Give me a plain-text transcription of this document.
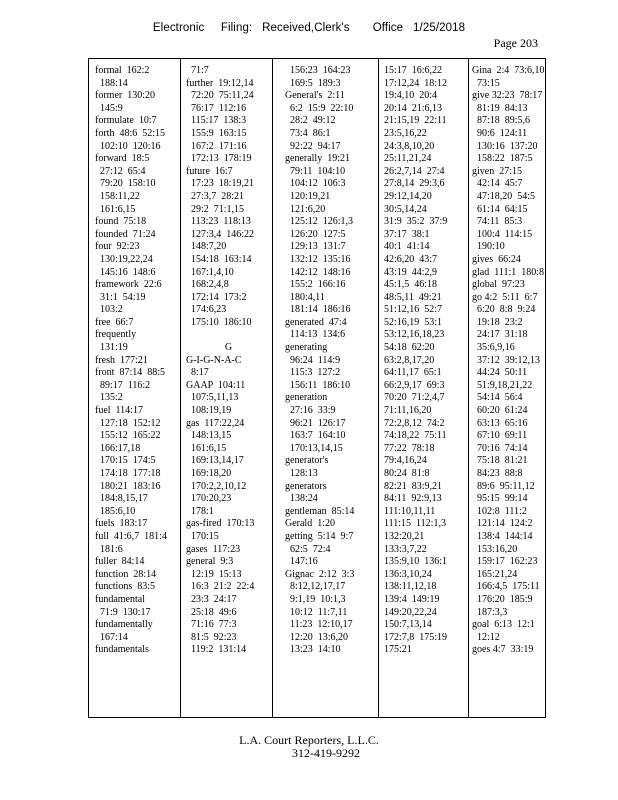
Electronic     Filing:   Received,Clerk's       Office   1/25/2018
Page 203
formal  162:2
188:14
former  130:20
145:9
formulate  10:7
forth  48:6  52:15
102:10  120:16
forward  18:5
27:12  65:4
79:20  158:10
158:11,22
161:6,15
found  75:18
founded  71:24
four  92:23
130:19,22,24
145:16  148:6
framework  22:6
31:1  54:19
103:2
free  66:7
frequently
131:19
fresh  177:21
front  87:14  88:5
89:17  116:2
135:2
fuel  114:17
127:18  152:12
155:12  165:22
166:17,18
170:15  174:5
174:18  177:18
180:21  183:16
184:8,15,17
185:6,10
fuels  183:17
full  41:6,7  181:4
181:6
fuller  84:14
function  28:14
functions  83:5
fundamental
71:9  130:17
fundamentally
167:14
fundamentals
71:7
further  19:12,14
72:20  75:11,24
76:17  112:16
115:17  138:3
155:9  163:15
167:2  171:16
172:13  178:19
future  16:7
17:23  18:19,21
27:3,7  28:21
29:2  71:1,15
113:23  118:13
127:3,4  146:22
148:7,20
154:18  163:14
167:1,4,10
168:2,4,8
172:14  173:2
174:6,23
175:10  186:10
G
G-I-G-N-A-C
8:17
GAAP  104:11
107:5,11,13
108:19,19
gas  117:22,24
148:13,15
161:6,15
169:13,14,17
169:18,20
170:2,2,10,12
170:20,23
178:1
gas-fired  170:13
170:15
gases  117:23
general  9:3
12:19  15:13
16:3  21:2  22:4
23:3  24:17
25:18  49:6
71:16  77:3
81:5  92:23
119:2  131:14
156:23  164:23
169:5  189:3
General's  2:11
6:2  15:9  22:10
28:2  49:12
73:4  86:1
92:22  94:17
generally  19:21
79:11  104:10
104:12  106:3
120:19,21
121:6,20
125:12  126:1,3
126:20  127:5
129:13  131:7
132:12  135:16
142:12  148:16
155:2  166:16
180:4,11
181:14  186:16
generated  47:4
114:13  134:6
generating
96:24  114:9
115:3  127:2
156:11  186:10
generation
27:16  33:9
96:21  126:17
163:7  164:10
170:13,14,15
generator's
128:13
generators
138:24
gentleman  85:14
Gerald  1:20
getting  5:14  9:7
62:5  72:4
147:16
Gignac  2:12  3:3
8:12,12,17,17
9:1,19  10:1,3
10:12  11:7,11
11:23  12:10,17
12:20  13:6,20
13:23  14:10
15:17  16:6,22
17:12,24  18:12
19:4,10  20:4
20:14  21:6,13
21:15,19  22:11
23:5,16,22
24:3,8,10,20
25:11,21,24
26:2,7,14  27:4
27:8,14  29:3,6
29:12,14,20
30:5,14,24
31:9  35:2  37:9
37:17  38:1
40:1  41:14
42:6,20  43:7
43:19  44:2,9
45:1,5  46:18
48:5,11  49:21
51:12,16  52:7
52:16,19  53:1
53:12,16,18,23
54:18  62:20
63:2,8,17,20
64:11,17  65:1
66:2,9,17  69:3
70:20  71:2,4,7
71:11,16,20
72:2,8,12  74:2
74:18,22  75:11
77:22  78:18
79:4,16,24
80:24  81:8
82:21  83:9,21
84:11  92:9,13
111:10,11,11
111:15  112:1,3
132:20,21
133:3,7,22
135:9,10  136:1
136:3,10,24
138:11,12,18
139:4  149:19
149:20,22,24
150:7,13,14
172:7,8  175:19
175:21
Gina  2:4  73:6,10
73:15
give 32:23  78:17
81:19  84:13
87:18  89:5,6
90:6  124:11
130:16  137:20
158:22  187:5
given  27:15
42:14  45:7
47:18,20  54:5
61:14  64:15
74:11  85:3
100:4  114:15
190:10
gives  66:24
glad  111:1  180:8
global  97:23
go 4:2  5:11  6:7
6:20  8:8  9:24
19:18  23:2
24:17  31:18
35:6,9,16
37:12  39:12,13
44:24  50:11
51:9,18,21,22
54:14  56:4
60:20  61:24
63:13  65:16
67:10  69:11
70:16  74:14
75:18  81:21
84:23  88:8
89:6  95:11,12
95:15  99:14
102:8  111:2
121:14  124:2
138:4  144:14
153:16,20
159:17  162:23
165:21,24
166:4,5  175:11
176:20  185:9
187:3,3
goal  6:13  12:1
12:12
goes 4:7  33:19
L.A. Court Reporters, L.L.C.
312-419-9292
